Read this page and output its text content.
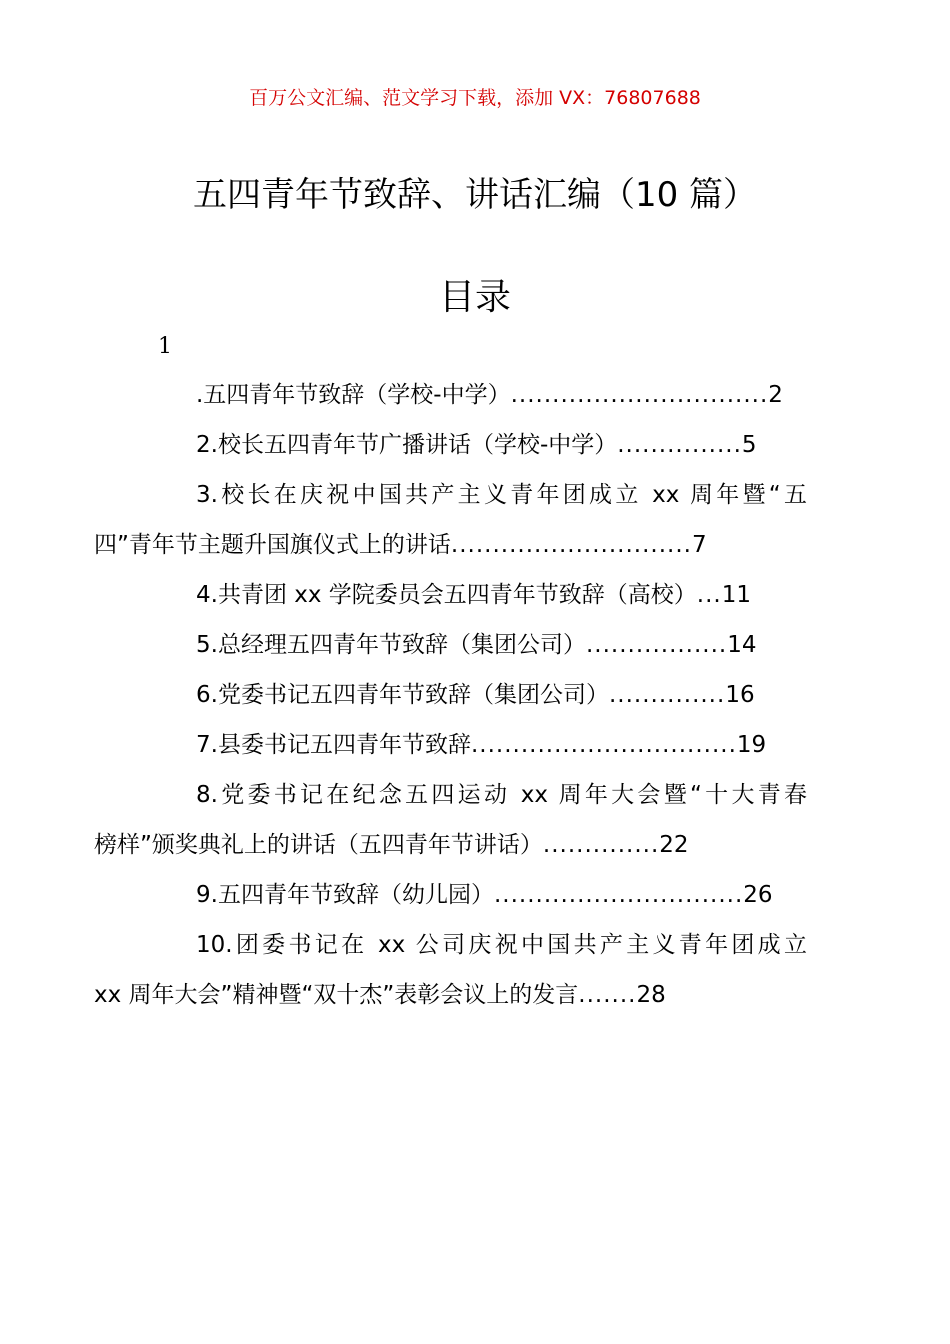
百万公文汇编、范文学习下载，添加 VX：76807688
五四青年节致辞、讲话汇编（10 篇）
目录
1
.五四青年节致辞（学校-中学）...............................2
2.校长五四青年节广播讲话（学校-中学）...............5
3.校长在庆祝中国共产主义青年团成立 xx 周年暨“五
四”青年节主题升国旗仪式上的讲话.............................7
4.共青团 xx 学院委员会五四青年节致辞（高校）...11
5.总经理五四青年节致辞（集团公司）.................14
6.党委书记五四青年节致辞（集团公司）..............16
7.县委书记五四青年节致辞................................19
8.党委书记在纪念五四运动 xx 周年大会暨“十大青春
榜样”颁奖典礼上的讲话（五四青年节讲话）..............22
9.五四青年节致辞（幼儿园）..............................26
10.团委书记在 xx 公司庆祝中国共产主义青年团成立
xx 周年大会”精神暨“双十杰”表彰会议上的发言.......28
